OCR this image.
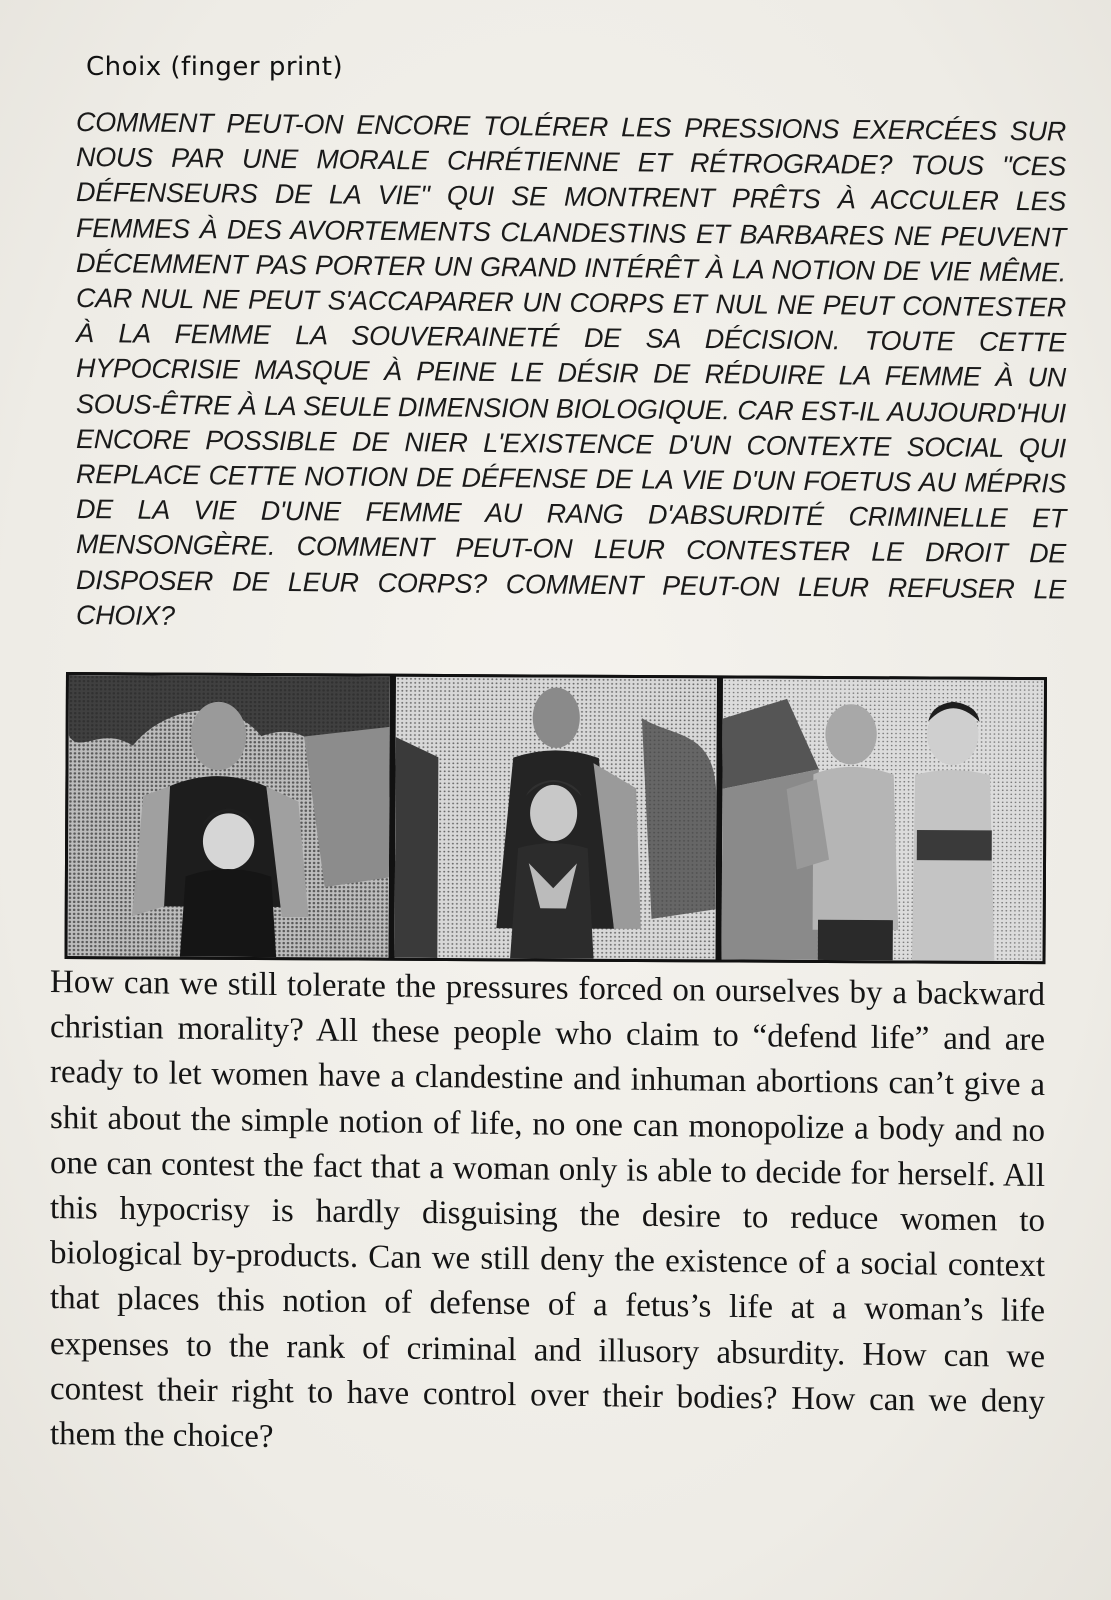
Choix (finger print)
COMMENT PEUT-ON ENCORE TOLÉRER LES PRESSIONS EXERCÉES SUR NOUS PAR UNE MORALE CHRÉTIENNE ET RÉTROGRADE? TOUS "CES DÉFENSEURS DE LA VIE" QUI SE MONTRENT PRÊTS À ACCULER LES FEMMES À DES AVORTEMENTS CLANDESTINS ET BARBARES NE PEUVENT DÉCEMMENT PAS PORTER UN GRAND INTÉRÊT À LA NOTION DE VIE MÊME. CAR NUL NE PEUT S'ACCAPARER UN CORPS ET NUL NE PEUT CONTESTER À LA FEMME LA SOUVERAINETÉ DE SA DÉCISION. TOUTE CETTE HYPOCRISIE MASQUE À PEINE LE DÉSIR DE RÉDUIRE LA FEMME À UN SOUS-ÊTRE À LA SEULE DIMENSION BIOLOGIQUE. CAR EST-IL AUJOURD'HUI ENCORE POSSIBLE DE NIER L'EXISTENCE D'UN CONTEXTE SOCIAL QUI REPLACE CETTE NOTION DE DÉFENSE DE LA VIE D'UN FOETUS AU MÉPRIS DE LA VIE D'UNE FEMME AU RANG D'ABSURDITÉ CRIMINELLE ET MENSONGÈRE. COMMENT PEUT-ON LEUR CONTESTER LE DROIT DE DISPOSER DE LEUR CORPS? COMMENT PEUT-ON LEUR REFUSER LE CHOIX?
How can we still tolerate the pressures forced on ourselves by a backward christian morality? All these people who claim to “defend life” and are ready to let women have a clandestine and inhuman abortions can’t give a shit about the simple notion of life, no one can monopolize a body and no one can contest the fact that a woman only is able to decide for herself. All this hypocrisy is hardly disguising the desire to reduce women to biological by-products. Can we still deny the existence of a social context that places this notion of defense of a fetus’s life at a woman’s life expenses to the rank of criminal and illusory absurdity. How can we contest their right to have control over their bodies? How can we deny them the choice?
